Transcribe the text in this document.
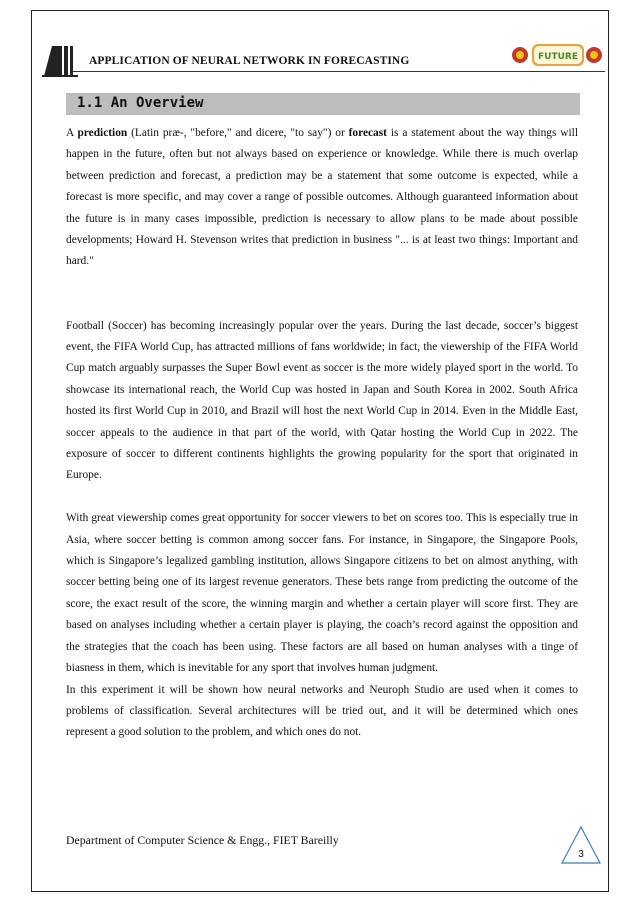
APPLICATION OF NEURAL NETWORK IN FORECASTING	FUTURE
1.1 An Overview

A prediction (Latin præ-, "before," and dicere, "to say") or forecast is a statement about the way things will happen in the future, often but not always based on experience or knowledge. While there is much overlap between prediction and forecast, a prediction may be a statement that some outcome is expected, while a forecast is more specific, and may cover a range of possible outcomes. Although guaranteed information about the future is in many cases impossible, prediction is necessary to allow plans to be made about possible developments; Howard H. Stevenson writes that prediction in business "... is at least two things: Important and hard."

Football (Soccer) has becoming increasingly popular over the years. During the last decade, soccer’s biggest event, the FIFA World Cup, has attracted millions of fans worldwide; in fact, the viewership of the FIFA World Cup match arguably surpasses the Super Bowl event as soccer is the more widely played sport in the world. To showcase its international reach, the World Cup was hosted in Japan and South Korea in 2002. South Africa hosted its first World Cup in 2010, and Brazil will host the next World Cup in 2014. Even in the Middle East, soccer appeals to the audience in that part of the world, with Qatar hosting the World Cup in 2022. The exposure of soccer to different continents highlights the growing popularity for the sport that originated in Europe.

With great viewership comes great opportunity for soccer viewers to bet on scores too. This is especially true in Asia, where soccer betting is common among soccer fans. For instance, in Singapore, the Singapore Pools, which is Singapore’s legalized gambling institution, allows Singapore citizens to bet on almost anything, with soccer betting being one of its largest revenue generators. These bets range from predicting the outcome of the score, the exact result of the score, the winning margin and whether a certain player will score first. They are based on analyses including whether a certain player is playing, the coach’s record against the opposition and the strategies that the coach has been using. These factors are all based on human analyses with a tinge of biasness in them, which is inevitable for any sport that involves human judgment.

In this experiment it will be shown how neural networks and Neuroph Studio are used when it comes to problems of classification. Several architectures will be tried out, and it will be determined which ones represent a good solution to the problem, and which ones do not.

Department of Computer Science & Engg., FIET Bareilly
3
